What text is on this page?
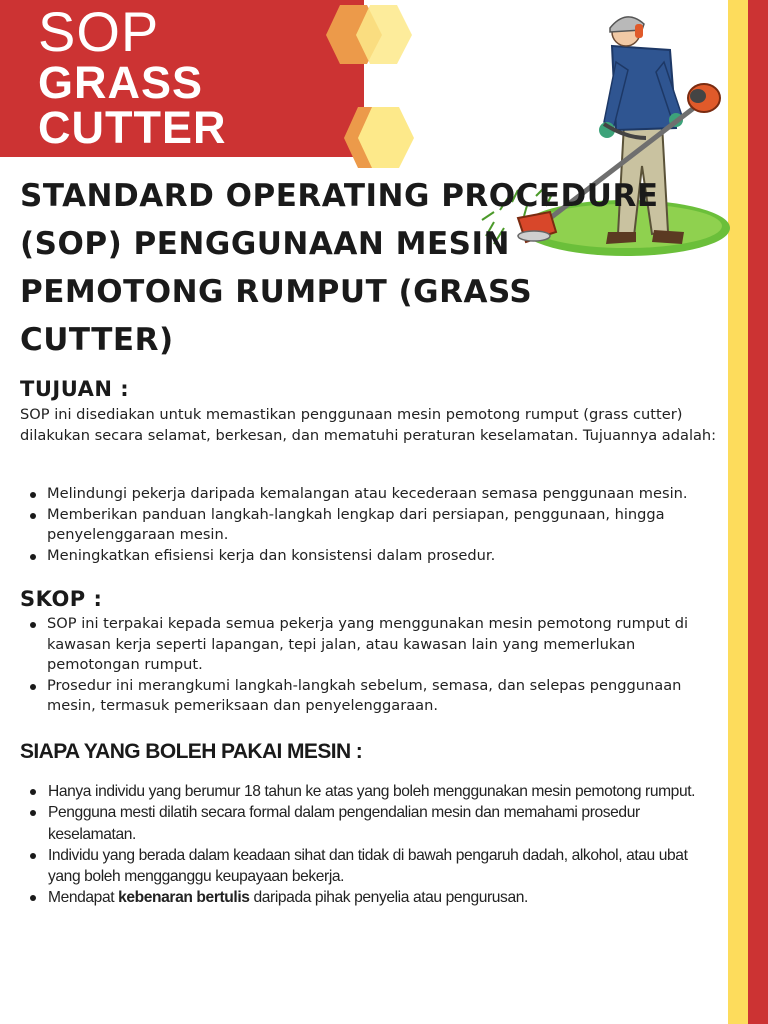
SOP
GRASS
CUTTER
STANDARD OPERATING PROCEDURE (SOP) PENGGUNAAN MESIN PEMOTONG RUMPUT (GRASS CUTTER)
TUJUAN :
SOP ini disediakan untuk memastikan penggunaan mesin pemotong rumput (grass cutter) dilakukan secara selamat, berkesan, dan mematuhi peraturan keselamatan. Tujuannya adalah:
Melindungi pekerja daripada kemalangan atau kecederaan semasa penggunaan mesin.
Memberikan panduan langkah-langkah lengkap dari persiapan, penggunaan, hingga penyelenggaraan mesin.
Meningkatkan efisiensi kerja dan konsistensi dalam prosedur.
SKOP :
SOP ini terpakai kepada semua pekerja yang menggunakan mesin pemotong rumput di kawasan kerja seperti lapangan, tepi jalan, atau kawasan lain yang memerlukan pemotongan rumput.
Prosedur ini merangkumi langkah-langkah sebelum, semasa, dan selepas penggunaan mesin, termasuk pemeriksaan dan penyelenggaraan.
SIAPA YANG BOLEH PAKAI MESIN :
Hanya individu yang berumur 18 tahun ke atas yang boleh menggunakan mesin pemotong rumput.
Pengguna mesti dilatih secara formal dalam pengendalian mesin dan memahami prosedur keselamatan.
Individu yang berada dalam keadaan sihat dan tidak di bawah pengaruh dadah, alkohol, atau ubat yang boleh mengganggu keupayaan bekerja.
Mendapat kebenaran bertulis daripada pihak penyelia atau pengurusan.
